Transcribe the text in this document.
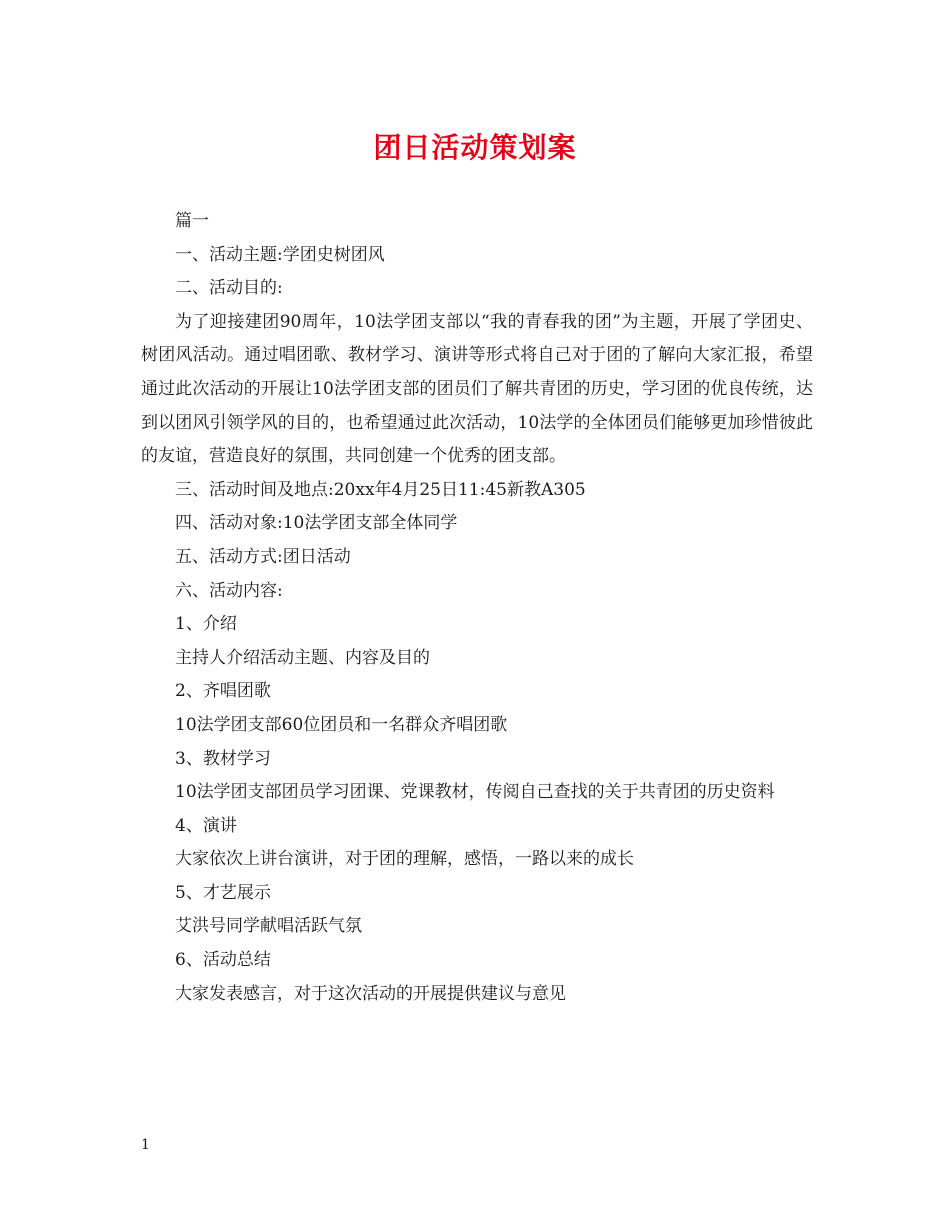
团日活动策划案

篇一

一、活动主题:学团史树团风

二、活动目的:

为了迎接建团90周年，10法学团支部以“我的青春我的团”为主题，开展了学团史、树团风活动。通过唱团歌、教材学习、演讲等形式将自己对于团的了解向大家汇报，希望通过此次活动的开展让10法学团支部的团员们了解共青团的历史，学习团的优良传统，达到以团风引领学风的目的，也希望通过此次活动，10法学的全体团员们能够更加珍惜彼此的友谊，营造良好的氛围，共同创建一个优秀的团支部。

三、活动时间及地点:20xx年4月25日11:45新教A305

四、活动对象:10法学团支部全体同学

五、活动方式:团日活动

六、活动内容:

1、介绍

主持人介绍活动主题、内容及目的

2、齐唱团歌

10法学团支部60位团员和一名群众齐唱团歌

3、教材学习

10法学团支部团员学习团课、党课教材，传阅自己查找的关于共青团的历史资料

4、演讲

大家依次上讲台演讲，对于团的理解，感悟，一路以来的成长

5、才艺展示

艾洪号同学献唱活跃气氛

6、活动总结

大家发表感言，对于这次活动的开展提供建议与意见

1
